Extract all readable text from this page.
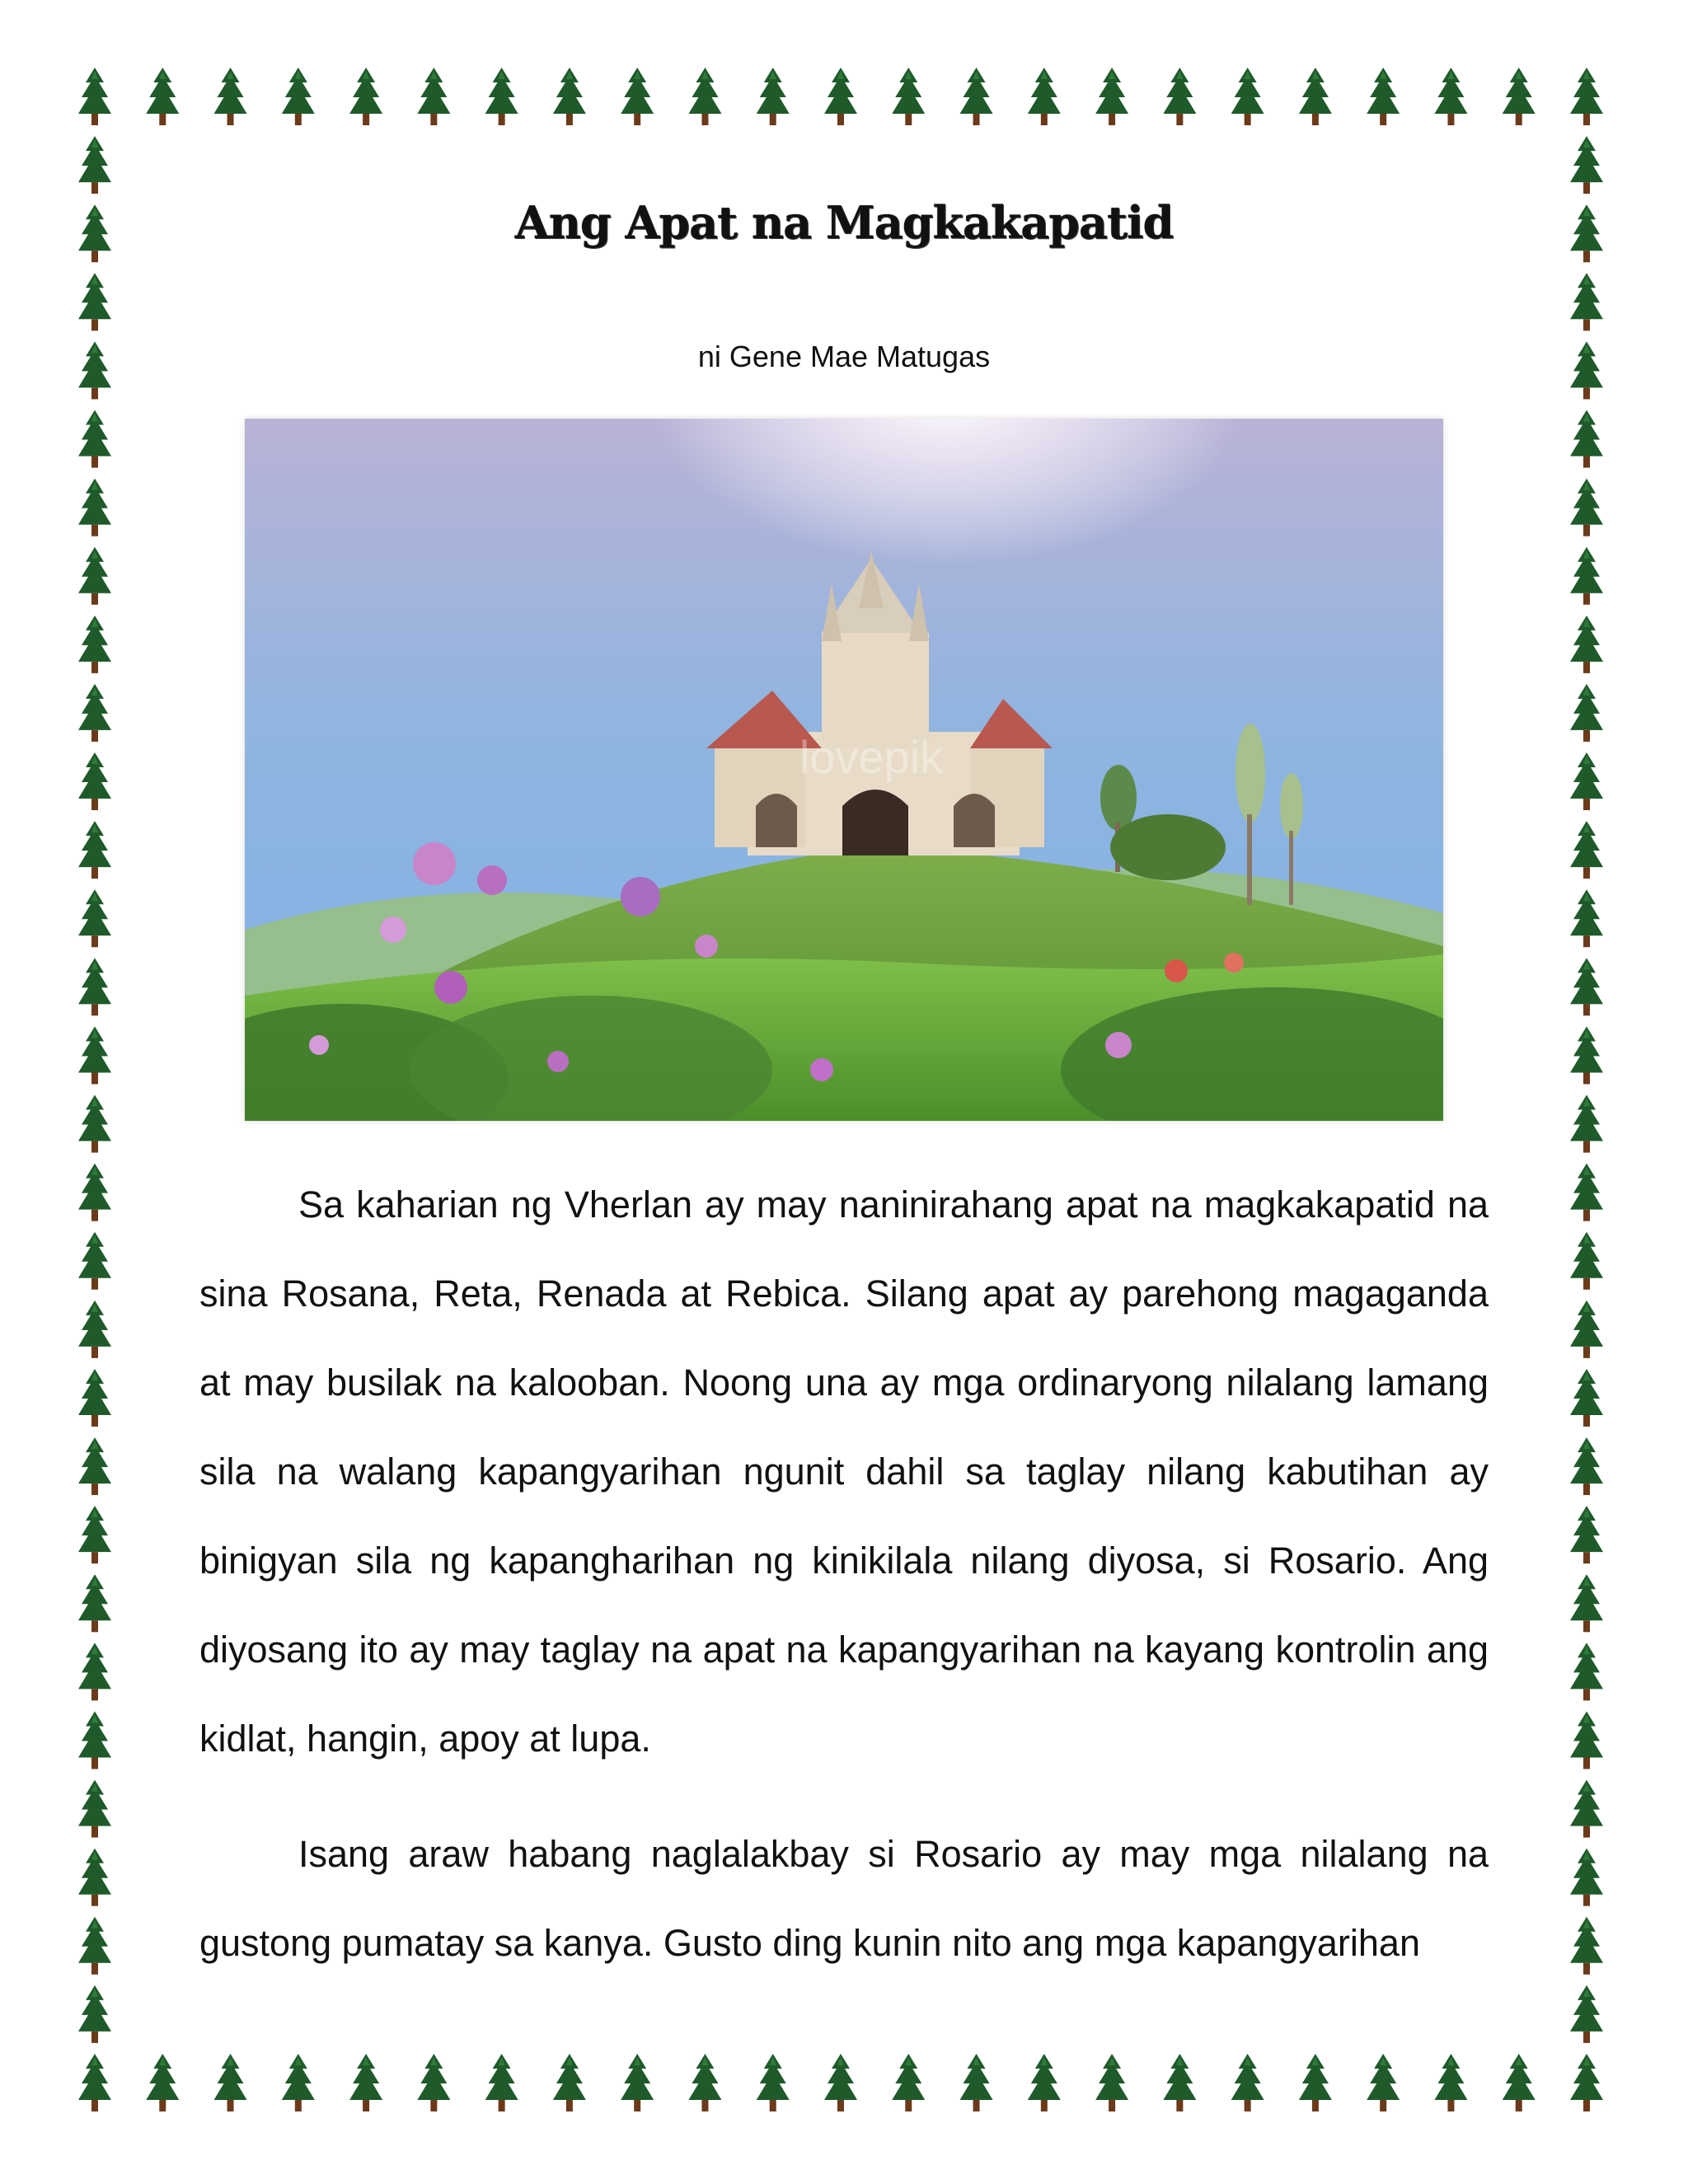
Ang Apat na Magkakapatid
ni Gene Mae Matugas
lovepik

Sa kaharian ng Vherlan ay may naninirahang apat na magkakapatid na sina Rosana, Reta, Renada at Rebica. Silang apat ay parehong magaganda at may busilak na kalooban. Noong una ay mga ordinaryong nilalang lamang sila na walang kapangyarihan ngunit dahil sa taglay nilang kabutihan ay binigyan sila ng kapangharihan ng kinikilala nilang diyosa, si Rosario. Ang diyosang ito ay may taglay na apat na kapangyarihan na kayang kontrolin ang kidlat, hangin, apoy at lupa.

Isang araw habang naglalakbay si Rosario ay may mga nilalang na gustong pumatay sa kanya. Gusto ding kunin nito ang mga kapangyarihan
